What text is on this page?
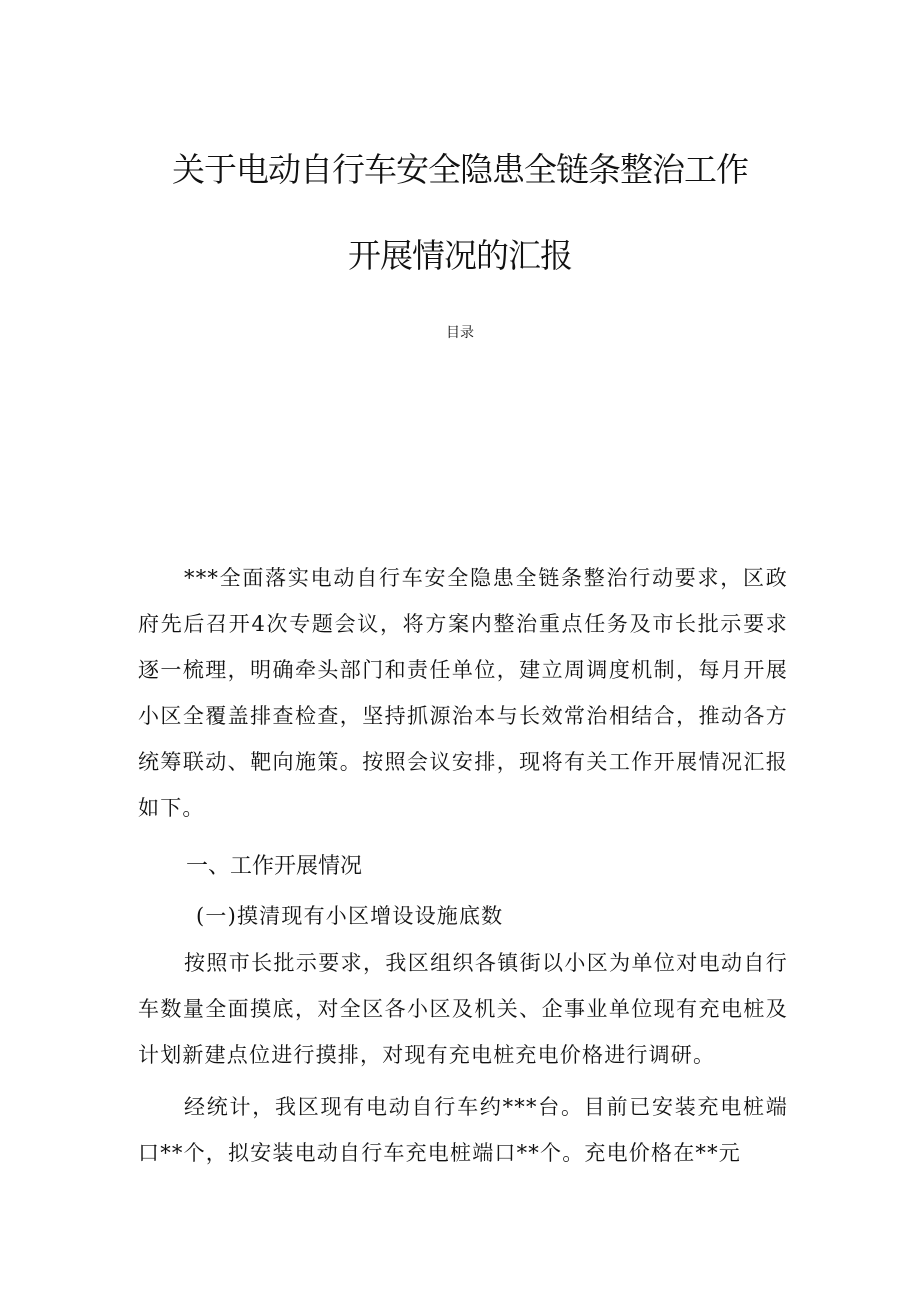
关于电动自行车安全隐患全链条整治工作
开展情况的汇报
目录

***全面落实电动自行车安全隐患全链条整治行动要求，区政府先后召开4次专题会议，将方案内整治重点任务及市长批示要求逐一梳理，明确牵头部门和责任单位，建立周调度机制，每月开展小区全覆盖排查检查，坚持抓源治本与长效常治相结合，推动各方统筹联动、靶向施策。按照会议安排，现将有关工作开展情况汇报如下。

一、工作开展情况
(一)摸清现有小区增设设施底数

按照市长批示要求，我区组织各镇街以小区为单位对电动自行车数量全面摸底，对全区各小区及机关、企事业单位现有充电桩及计划新建点位进行摸排，对现有充电桩充电价格进行调研。

经统计，我区现有电动自行车约***台。目前已安装充电桩端口**个，拟安装电动自行车充电桩端口**个。充电价格在**元
